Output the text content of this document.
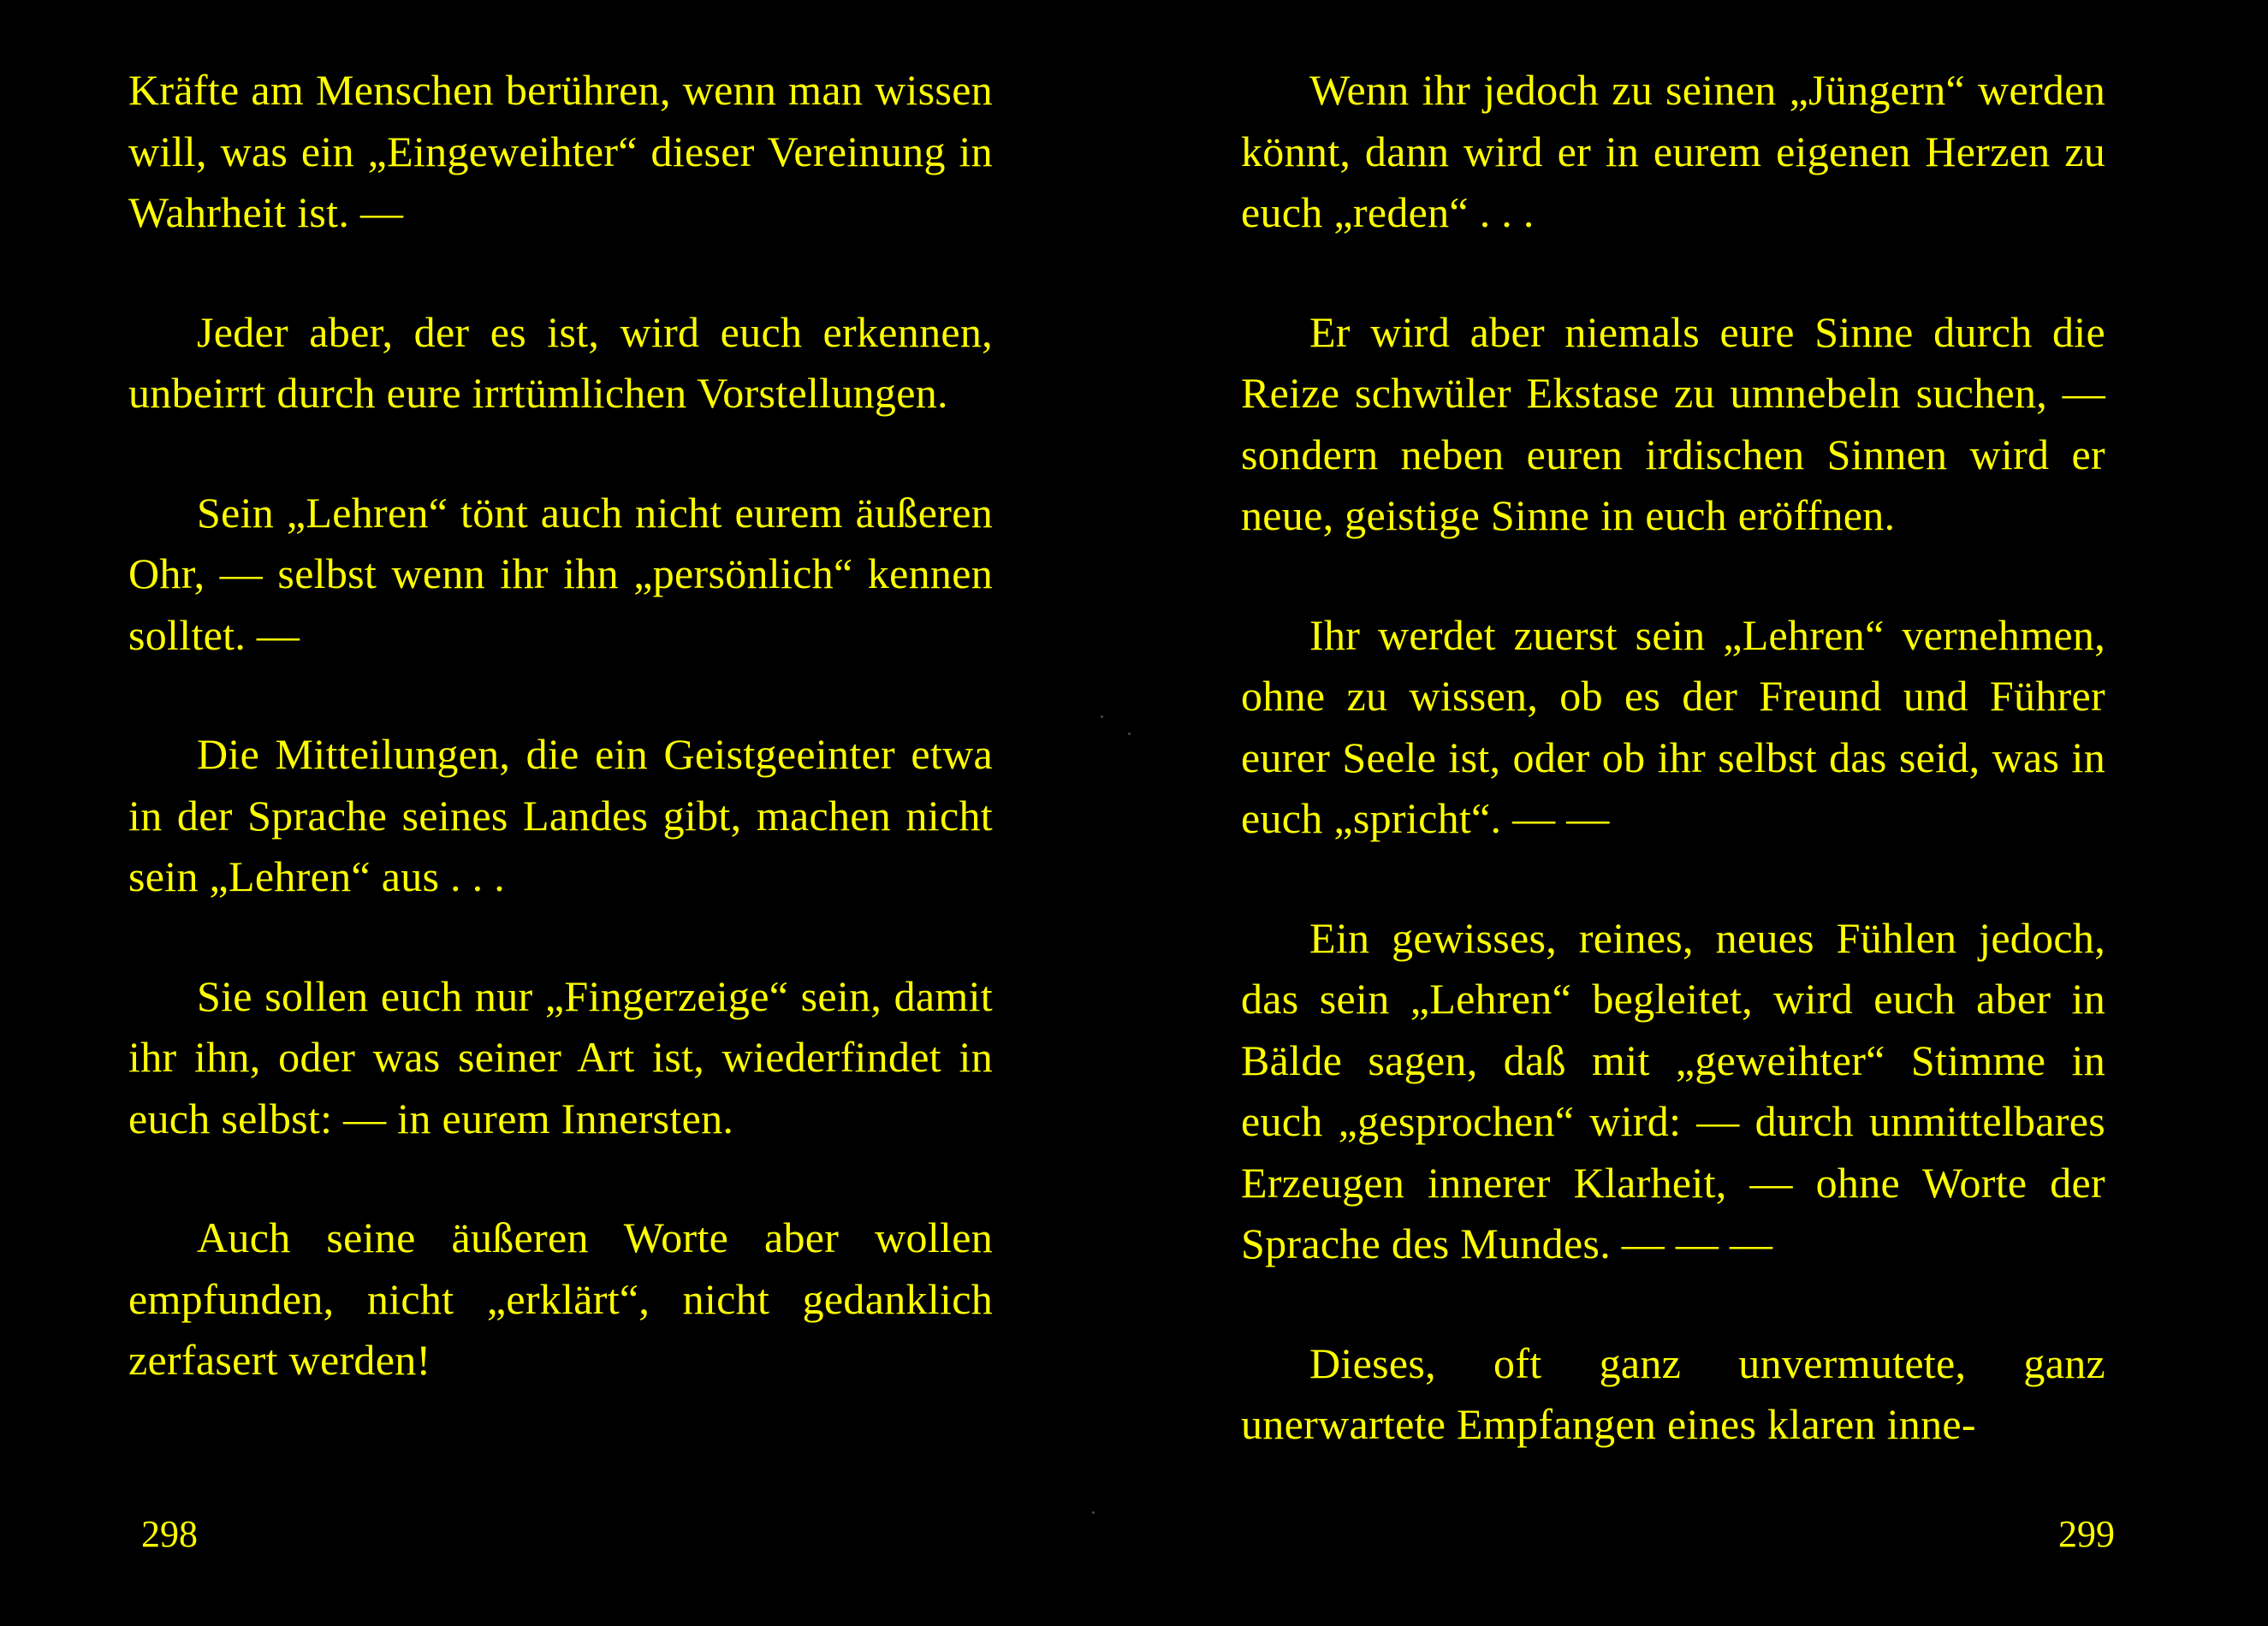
Kräfte am Menschen berühren, wenn man wissen will, was ein „Eingeweihter“ dieser Vereinung in Wahrheit ist. —

Jeder aber, der es ist, wird euch erkennen, unbeirrt durch eure irrtümlichen Vorstellungen.

Sein „Lehren“ tönt auch nicht eurem äußeren Ohr, — selbst wenn ihr ihn „persönlich“ kennen solltet. —

Die Mitteilungen, die ein Geistgeeinter etwa in der Sprache seines Landes gibt, machen nicht sein „Lehren“ aus . . .

Sie sollen euch nur „Fingerzeige“ sein, damit ihr ihn, oder was seiner Art ist, wiederfindet in euch selbst: — in eurem Innersten.

Auch seine äußeren Worte aber wollen empfunden, nicht „erklärt“, nicht gedanklich zerfasert werden!

298

Wenn ihr jedoch zu seinen „Jüngern“ werden könnt, dann wird er in eurem eigenen Herzen zu euch „reden“ . . .

Er wird aber niemals eure Sinne durch die Reize schwüler Ekstase zu umnebeln suchen, — sondern neben euren irdischen Sinnen wird er neue, geistige Sinne in euch eröffnen.

Ihr werdet zuerst sein „Lehren“ vernehmen, ohne zu wissen, ob es der Freund und Führer eurer Seele ist, oder ob ihr selbst das seid, was in euch „spricht“. — —

Ein gewisses, reines, neues Fühlen jedoch, das sein „Lehren“ begleitet, wird euch aber in Bälde sagen, daß mit „geweihter“ Stimme in euch „gesprochen“ wird: — durch unmittelbares Erzeugen innerer Klarheit, — ohne Worte der Sprache des Mundes. — — —

Dieses, oft ganz unvermutete, ganz unerwartete Empfangen eines klaren inne-

299
